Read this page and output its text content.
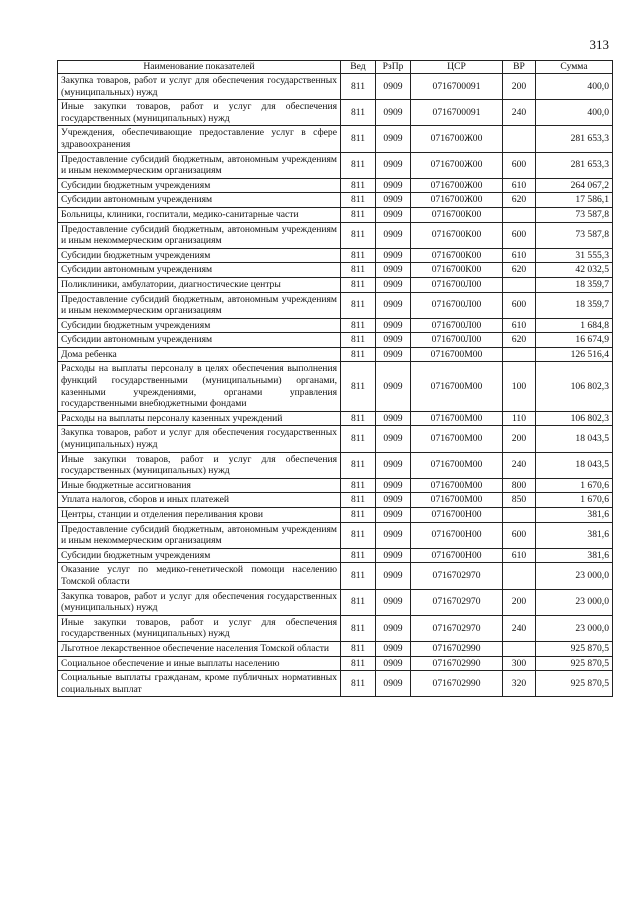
313
Наименование показателей	Вед	РзПр	ЦСР	ВР	Сумма
Закупка товаров, работ и услуг для обеспечения государственных (муниципальных) нужд	811	0909	0716700091	200	400,0
Иные закупки товаров, работ и услуг для обеспечения государственных (муниципальных) нужд	811	0909	0716700091	240	400,0
Учреждения, обеспечивающие предоставление услуг в сфере здравоохранения	811	0909	0716700Ж00		281 653,3
Предоставление субсидий бюджетным, автономным учреждениям и иным некоммерческим организациям	811	0909	0716700Ж00	600	281 653,3
Субсидии бюджетным учреждениям	811	0909	0716700Ж00	610	264 067,2
Субсидии автономным учреждениям	811	0909	0716700Ж00	620	17 586,1
Больницы, клиники, госпитали, медико-санитарные части	811	0909	0716700К00		73 587,8
Предоставление субсидий бюджетным, автономным учреждениям и иным некоммерческим организациям	811	0909	0716700К00	600	73 587,8
Субсидии бюджетным учреждениям	811	0909	0716700К00	610	31 555,3
Субсидии автономным учреждениям	811	0909	0716700К00	620	42 032,5
Поликлиники, амбулатории, диагностические центры	811	0909	0716700Л00		18 359,7
Предоставление субсидий бюджетным, автономным учреждениям и иным некоммерческим организациям	811	0909	0716700Л00	600	18 359,7
Субсидии бюджетным учреждениям	811	0909	0716700Л00	610	1 684,8
Субсидии автономным учреждениям	811	0909	0716700Л00	620	16 674,9
Дома ребенка	811	0909	0716700М00		126 516,4
Расходы на выплаты персоналу в целях обеспечения выполнения функций государственными (муниципальными) органами, казенными учреждениями, органами управления государственными внебюджетными фондами	811	0909	0716700М00	100	106 802,3
Расходы на выплаты персоналу казенных учреждений	811	0909	0716700М00	110	106 802,3
Закупка товаров, работ и услуг для обеспечения государственных (муниципальных) нужд	811	0909	0716700М00	200	18 043,5
Иные закупки товаров, работ и услуг для обеспечения государственных (муниципальных) нужд	811	0909	0716700М00	240	18 043,5
Иные бюджетные ассигнования	811	0909	0716700М00	800	1 670,6
Уплата налогов, сборов и иных платежей	811	0909	0716700М00	850	1 670,6
Центры, станции и отделения переливания крови	811	0909	0716700Н00		381,6
Предоставление субсидий бюджетным, автономным учреждениям и иным некоммерческим организациям	811	0909	0716700Н00	600	381,6
Субсидии бюджетным учреждениям	811	0909	0716700Н00	610	381,6
Оказание услуг по медико-генетической помощи населению Томской области	811	0909	0716702970		23 000,0
Закупка товаров, работ и услуг для обеспечения государственных (муниципальных) нужд	811	0909	0716702970	200	23 000,0
Иные закупки товаров, работ и услуг для обеспечения государственных (муниципальных) нужд	811	0909	0716702970	240	23 000,0
Льготное лекарственное обеспечение населения Томской области	811	0909	0716702990		925 870,5
Социальное обеспечение и иные выплаты населению	811	0909	0716702990	300	925 870,5
Социальные выплаты гражданам, кроме публичных нормативных социальных выплат	811	0909	0716702990	320	925 870,5
